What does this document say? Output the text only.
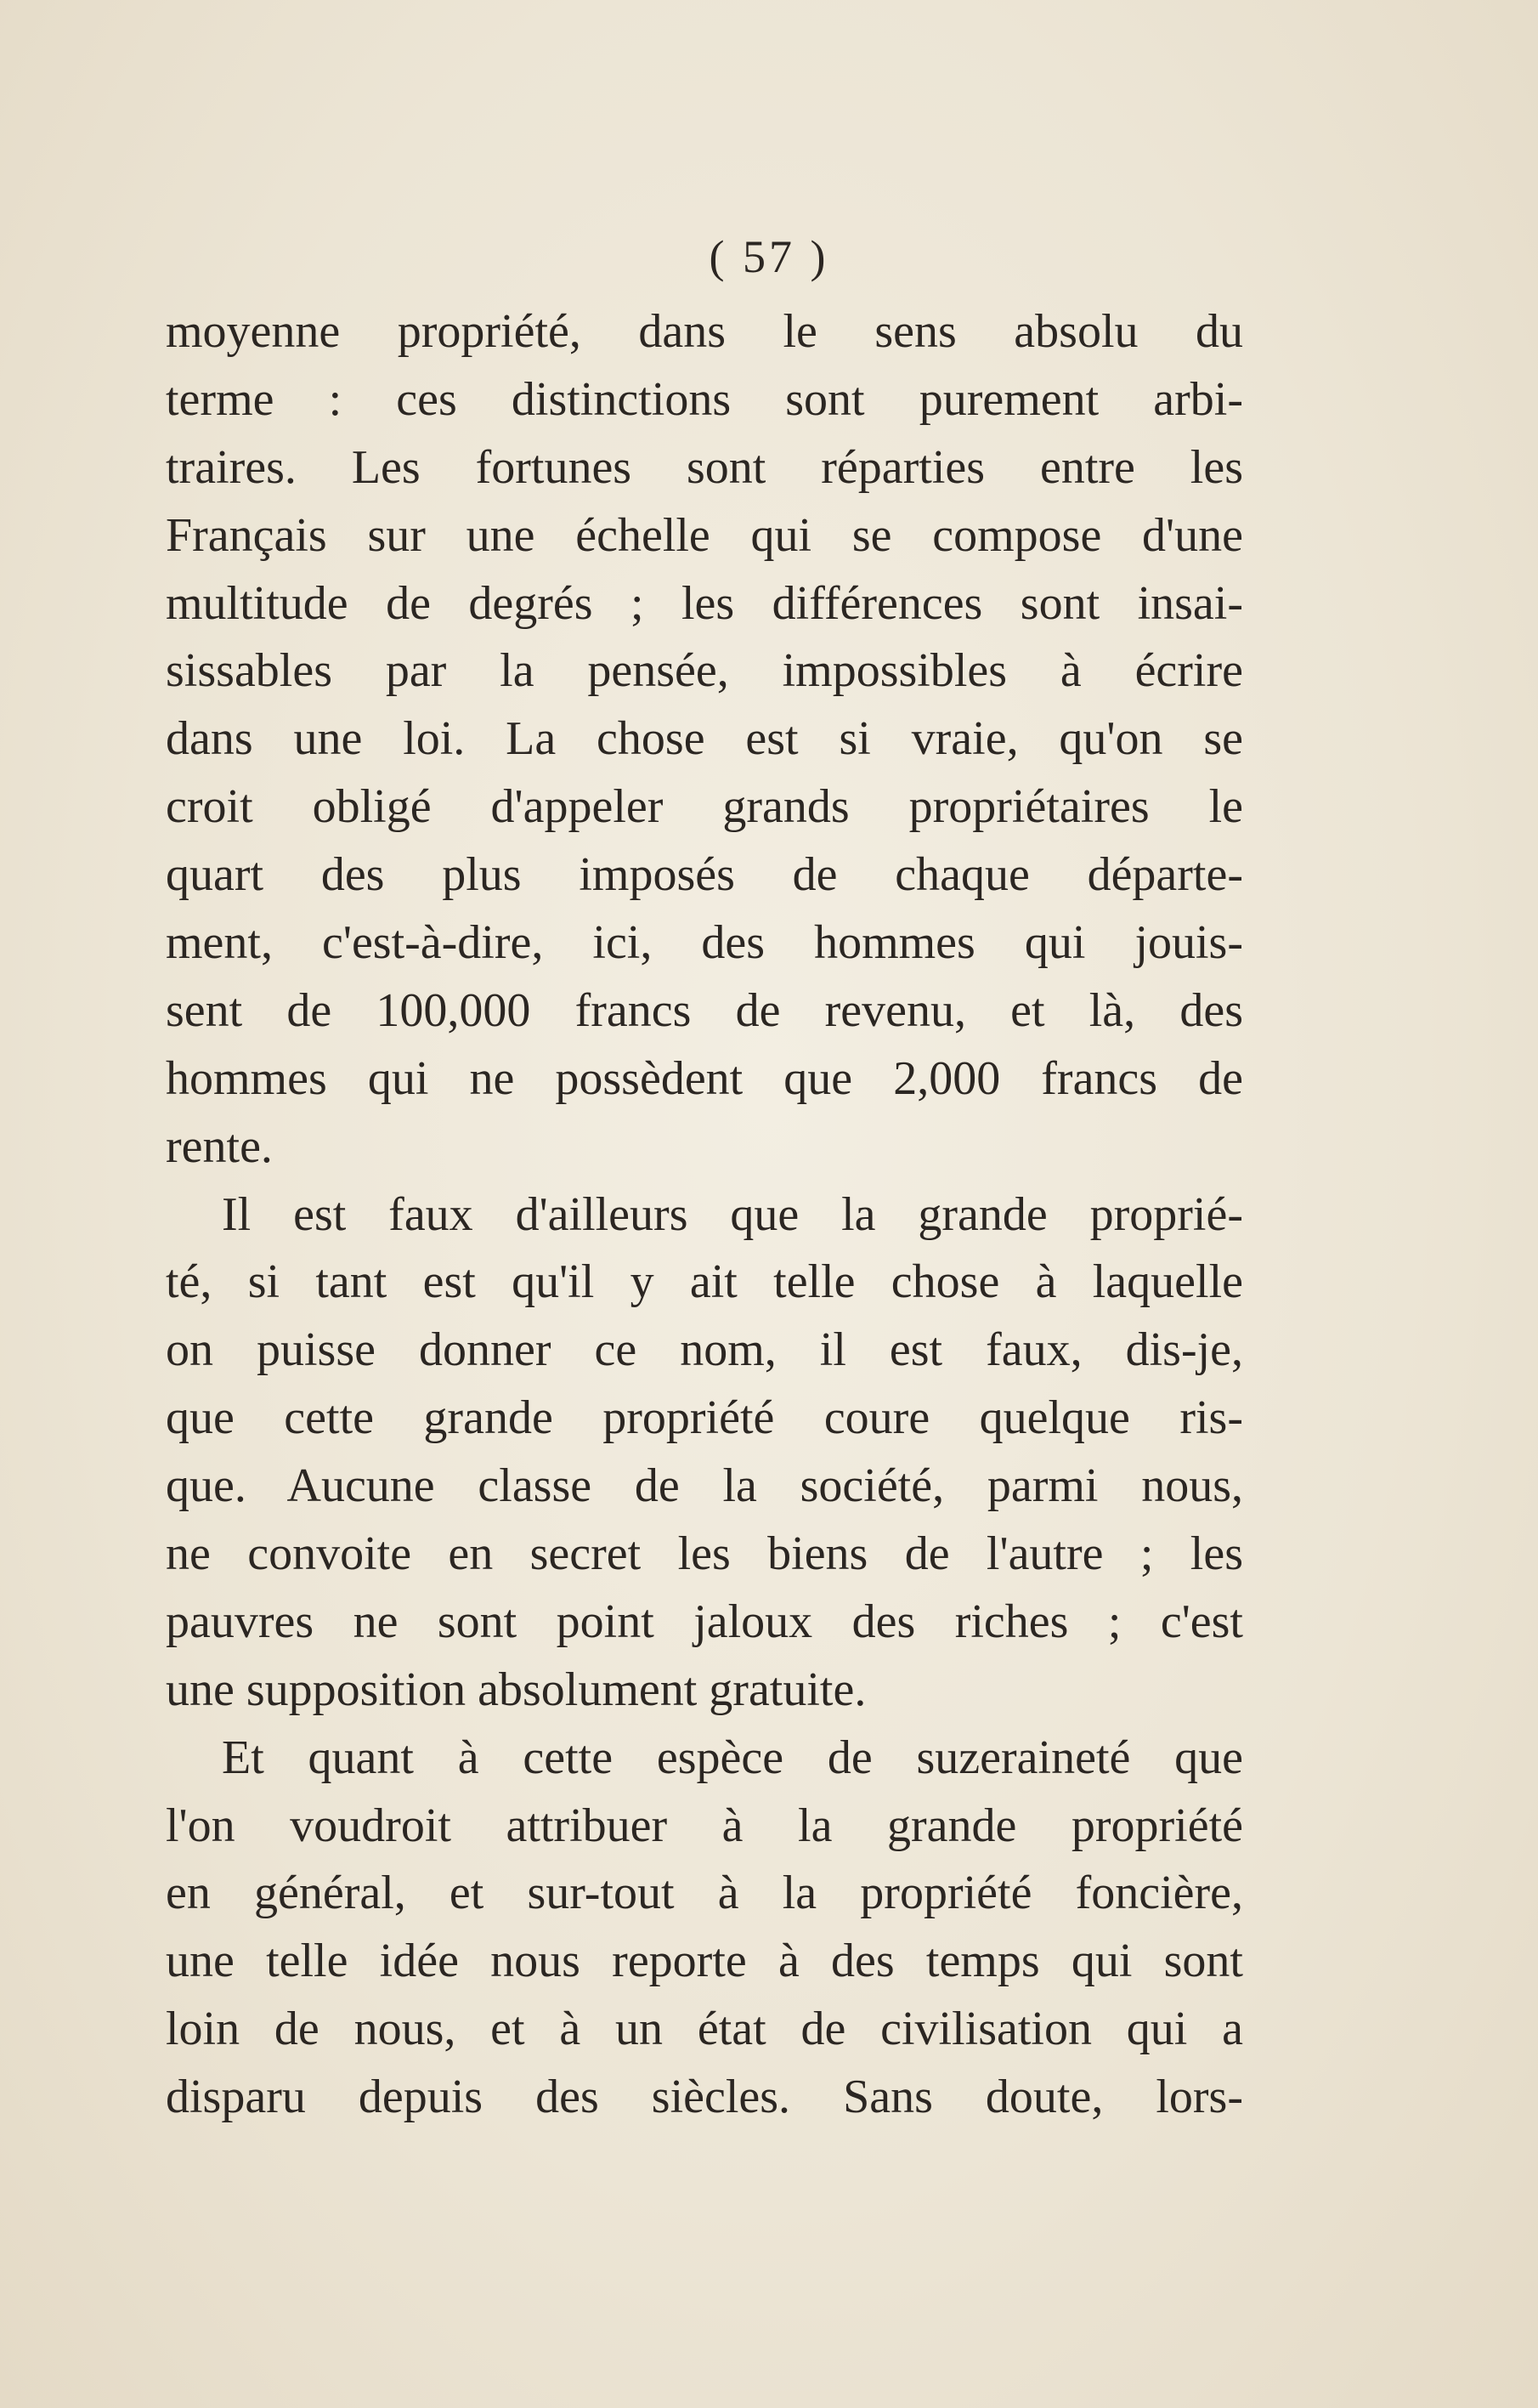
( 57 )
moyenne propriété, dans le sens absolu du
terme : ces distinctions sont purement arbi-
traires. Les fortunes sont réparties entre les
Français sur une échelle qui se compose d'une
multitude de degrés ; les différences sont insai-
sissables par la pensée, impossibles à écrire
dans une loi. La chose est si vraie, qu'on se
croit obligé d'appeler grands propriétaires le
quart des plus imposés de chaque départe-
ment, c'est-à-dire, ici, des hommes qui jouis-
sent de 100,000 francs de revenu, et là, des
hommes qui ne possèdent que 2,000 francs de
rente.
Il est faux d'ailleurs que la grande proprié-
té, si tant est qu'il y ait telle chose à laquelle
on puisse donner ce nom, il est faux, dis-je,
que cette grande propriété coure quelque ris-
que. Aucune classe de la société, parmi nous,
ne convoite en secret les biens de l'autre ; les
pauvres ne sont point jaloux des riches ; c'est
une supposition absolument gratuite.
Et quant à cette espèce de suzeraineté que
l'on voudroit attribuer à la grande propriété
en général, et sur-tout à la propriété foncière,
une telle idée nous reporte à des temps qui sont
loin de nous, et à un état de civilisation qui a
disparu depuis des siècles. Sans doute, lors-
